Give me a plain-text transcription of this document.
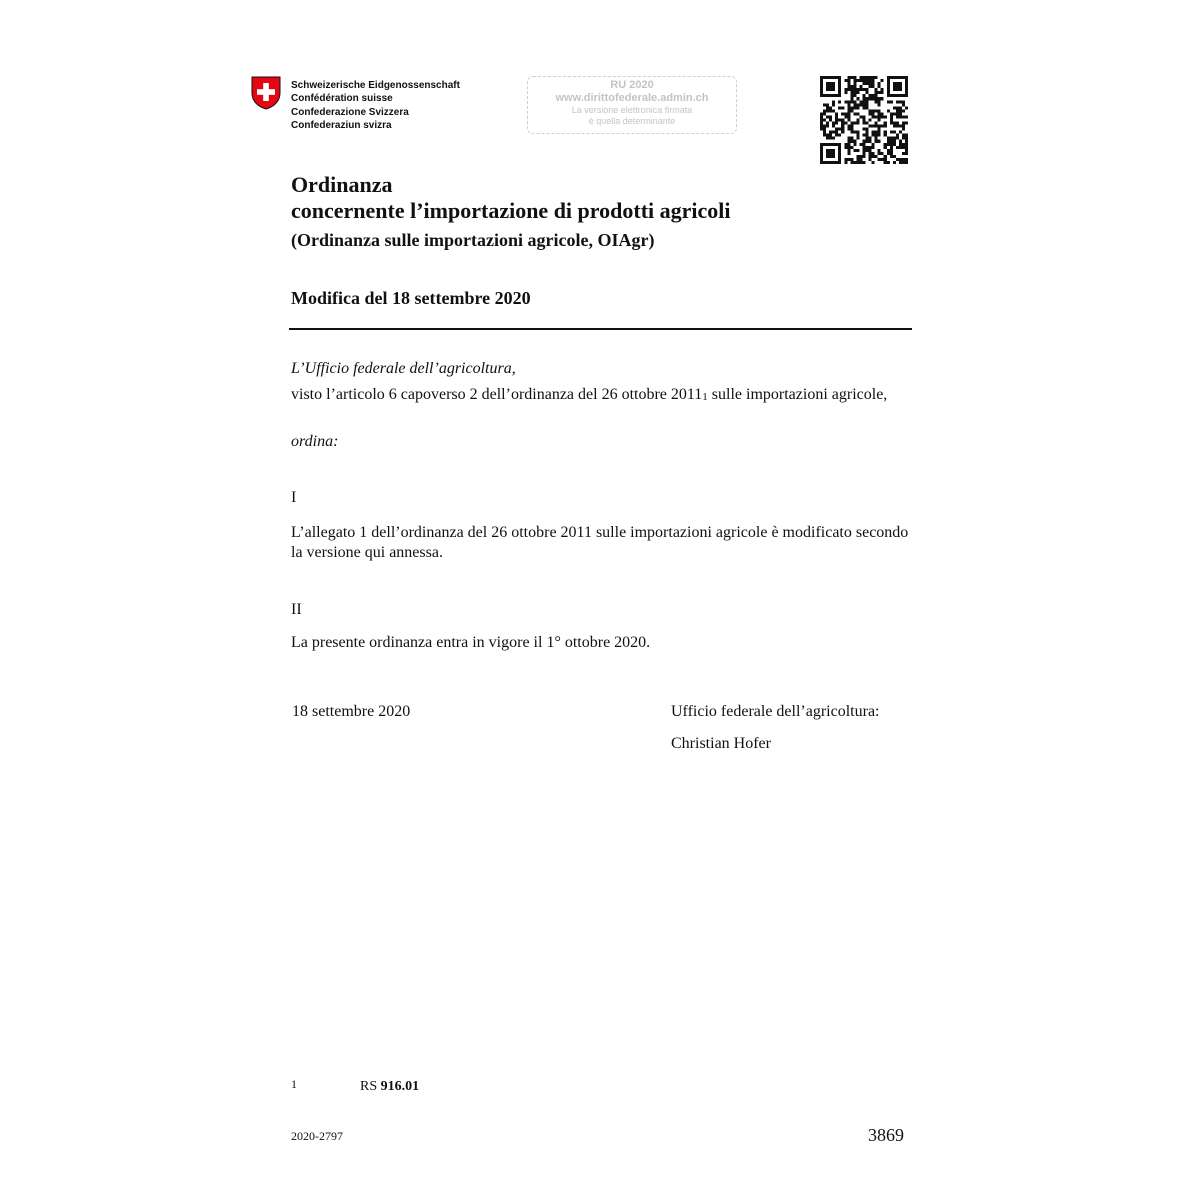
Schweizerische Eidgenossenschaft
Confédération suisse
Confederazione Svizzera
Confederaziun svizra
RU 2020
www.dirittofederale.admin.ch
La versione elettronica firmata
è quella determinante
Ordinanza
concernente l’importazione di prodotti agricoli
(Ordinanza sulle importazioni agricole, OIAgr)
Modifica del 18 settembre 2020
L’Ufficio federale dell’agricoltura,
visto l’articolo 6 capoverso 2 dell’ordinanza del 26 ottobre 2011$^1$ sulle importazioni agricole,
ordina:
I
L’allegato 1 dell’ordinanza del 26 ottobre 2011 sulle importazioni agricole è modificato secondo la versione qui annessa.
II
La presente ordinanza entra in vigore il 1° ottobre 2020.
18 settembre 2020	Ufficio federale dell’agricoltura:
Christian Hofer
1	RS 916.01
2020-2797	3869
